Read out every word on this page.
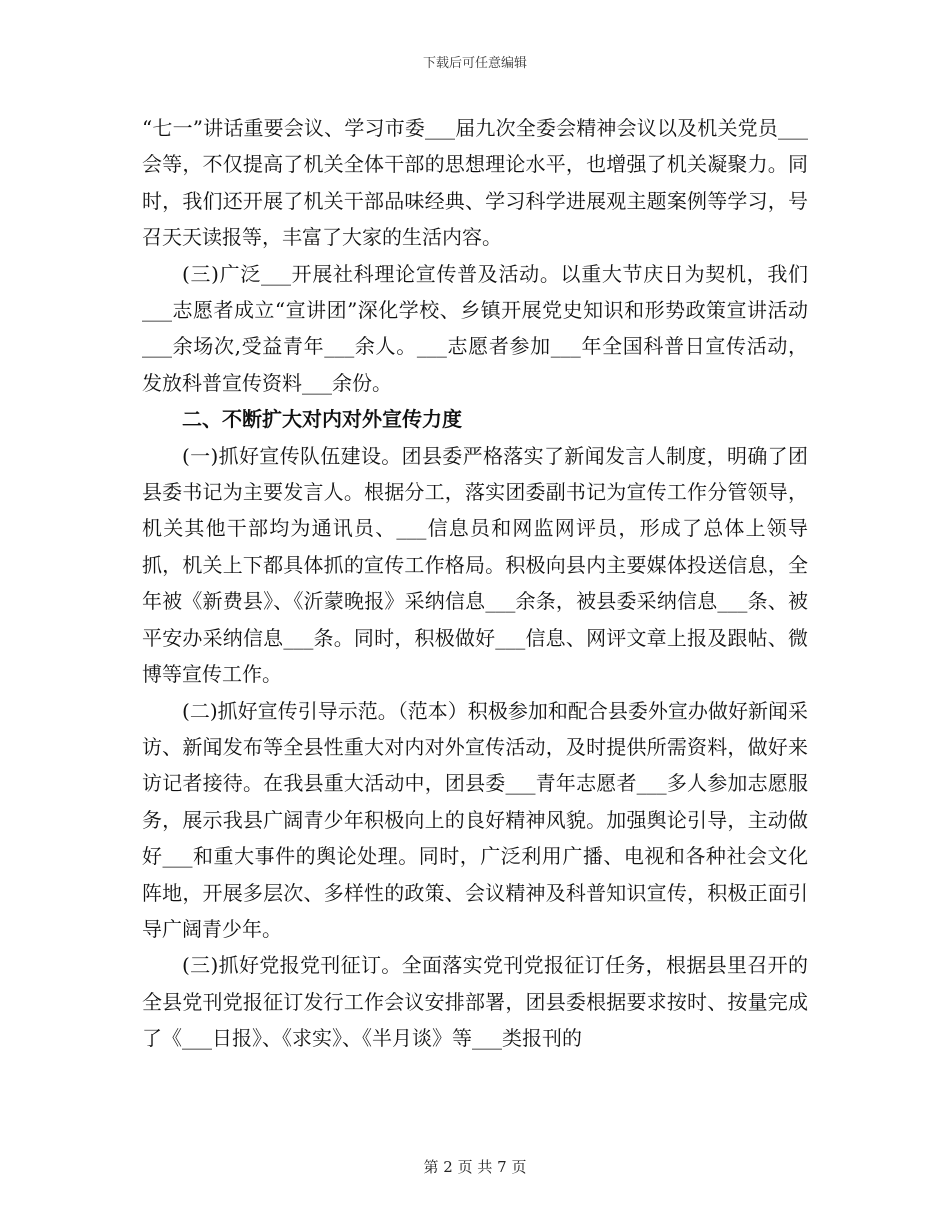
下载后可任意编辑

“七一”讲话重要会议、学习市委___届九次全委会精神会议以及机关党员___会等，不仅提高了机关全体干部的思想理论水平，也增强了机关凝聚力。同时，我们还开展了机关干部品味经典、学习科学进展观主题案例等学习，号召天天读报等，丰富了大家的生活内容。

(三)广泛___开展社科理论宣传普及活动。以重大节庆日为契机，我们___志愿者成立“宣讲团”深化学校、乡镇开展党史知识和形势政策宣讲活动___余场次,受益青年___余人。___志愿者参加___年全国科普日宣传活动，发放科普宣传资料___余份。

二、不断扩大对内对外宣传力度

(一)抓好宣传队伍建设。团县委严格落实了新闻发言人制度，明确了团县委书记为主要发言人。根据分工，落实团委副书记为宣传工作分管领导，机关其他干部均为通讯员、___信息员和网监网评员，形成了总体上领导抓，机关上下都具体抓的宣传工作格局。积极向县内主要媒体投送信息，全年被《新费县》、《沂蒙晚报》采纳信息___余条，被县委采纳信息___条、被平安办采纳信息___条。同时，积极做好___信息、网评文章上报及跟帖、微博等宣传工作。

(二)抓好宣传引导示范。（范本）积极参加和配合县委外宣办做好新闻采访、新闻发布等全县性重大对内对外宣传活动，及时提供所需资料，做好来访记者接待。在我县重大活动中，团县委___青年志愿者___多人参加志愿服务，展示我县广阔青少年积极向上的良好精神风貌。加强舆论引导，主动做好___和重大事件的舆论处理。同时，广泛利用广播、电视和各种社会文化阵地，开展多层次、多样性的政策、会议精神及科普知识宣传，积极正面引导广阔青少年。

(三)抓好党报党刊征订。全面落实党刊党报征订任务，根据县里召开的全县党刊党报征订发行工作会议安排部署，团县委根据要求按时、按量完成了《___日报》、《求实》、《半月谈》等___类报刊的

第 2 页 共 7 页
